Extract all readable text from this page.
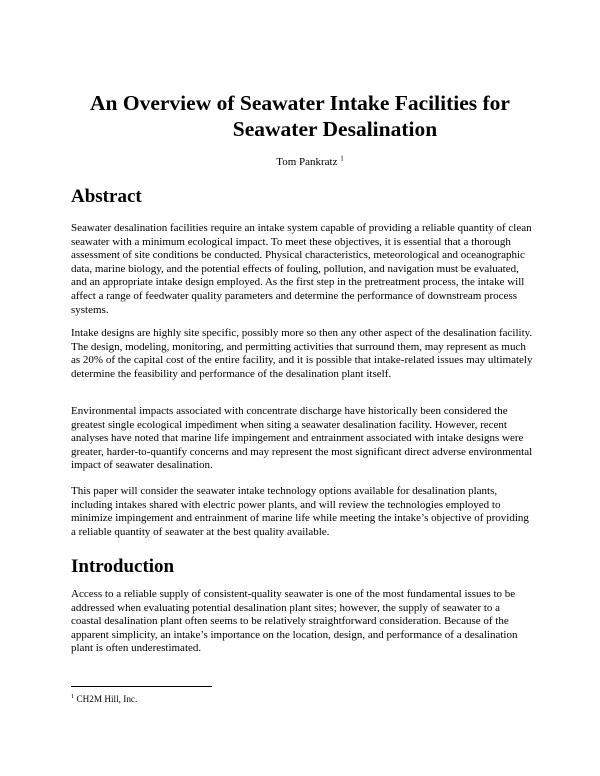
An Overview of Seawater Intake Facilities for
Seawater Desalination
Tom Pankratz $^1$
Abstract

Seawater desalination facilities require an intake system capable of providing a reliable quantity of clean seawater with a minimum ecological impact. To meet these objectives, it is essential that a thorough assessment of site conditions be conducted. Physical characteristics, meteorological and oceanographic data, marine biology, and the potential effects of fouling, pollution, and navigation must be evaluated, and an appropriate intake design employed. As the first step in the pretreatment process, the intake will affect a range of feedwater quality parameters and determine the performance of downstream process systems.

Intake designs are highly site specific, possibly more so then any other aspect of the desalination facility. The design, modeling, monitoring, and permitting activities that surround them, may represent as much as 20% of the capital cost of the entire facility, and it is possible that intake-related issues may ultimately determine the feasibility and performance of the desalination plant itself.

Environmental impacts associated with concentrate discharge have historically been considered the greatest single ecological impediment when siting a seawater desalination facility. However, recent analyses have noted that marine life impingement and entrainment associated with intake designs were greater, harder-to-quantify concerns and may represent the most significant direct adverse environmental impact of seawater desalination.

This paper will consider the seawater intake technology options available for desalination plants, including intakes shared with electric power plants, and will review the technologies employed to minimize impingement and entrainment of marine life while meeting the intake’s objective of providing a reliable quantity of seawater at the best quality available.

Introduction

Access to a reliable supply of consistent-quality seawater is one of the most fundamental issues to be addressed when evaluating potential desalination plant sites; however, the supply of seawater to a coastal desalination plant often seems to be relatively straightforward consideration. Because of the apparent simplicity, an intake’s importance on the location, design, and performance of a desalination plant is often underestimated.

$^1$ CH2M Hill, Inc.
